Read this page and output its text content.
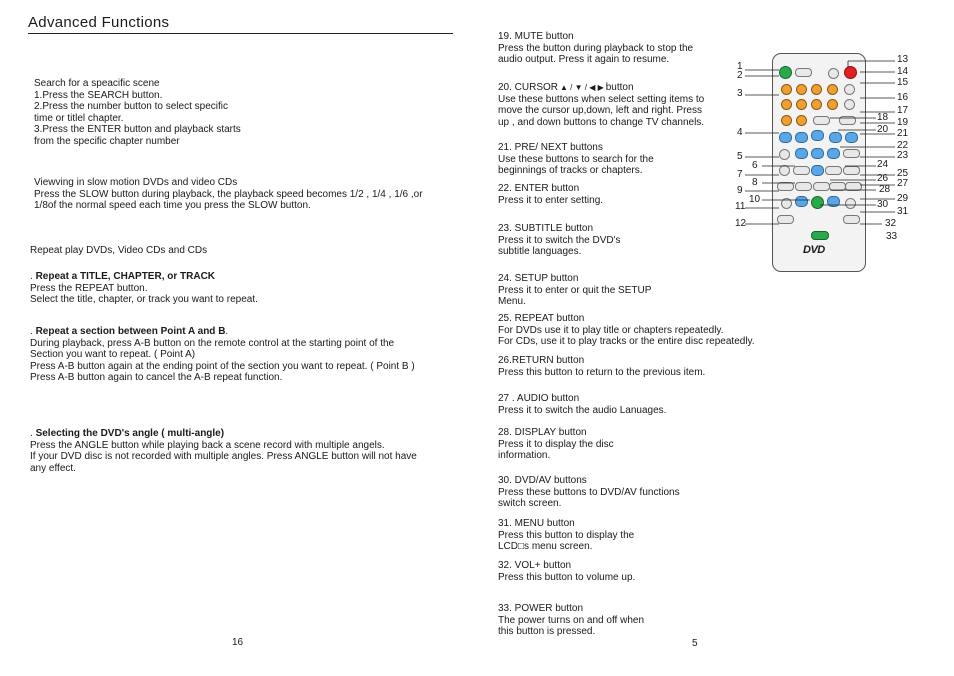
Advanced Functions
Search for a speacific scene
1.Press the SEARCH button.
2.Press the number button to select specific
time or titlel chapter.
3.Press the ENTER button and playback starts
from the specific chapter number
Viewving in slow motion DVDs and video CDs
Press the SLOW button during playback, the playback speed becomes 1/2 , 1/4 , 1/6 ,or
1/8of the normal speed each time you press the SLOW button.
Repeat play DVDs, Video CDs and CDs
. Repeat a TITLE, CHAPTER, or TRACK
Press the REPEAT button.
Select the title, chapter, or track you want to repeat.
. Repeat a section between Point A and B.
During playback, press A-B button on the remote control at the starting point of the
Section you want to repeat. ( Point A)
Press A-B button again at the ending point of the section you want to repeat. ( Point B )
Press A-B button again to cancel the A-B repeat function.
. Selecting the DVD's angle ( multi-angle)
Press the ANGLE button while playing back a scene record with multiple angels.
If your DVD disc is not recorded with multiple angles. Press ANGLE button will not have
any effect.
16
19. MUTE button
Press the button during playback to stop the
audio output. Press it again to resume.
20. CURSOR ▲ / ▼ / ◀ ▶ button
Use these buttons when select setting items to
move the cursor up,down, left and right. Press
up , and down buttons to change TV channels.
21. PRE/ NEXT buttons
Use these buttons to search for the
beginnings of tracks or chapters.
22. ENTER button
Press it to enter setting.
23. SUBTITLE button
Press it to switch the DVD's
subtitle languages.
24. SETUP button
Press it to enter or quit the SETUP
Menu.
25. REPEAT button
For DVDs use it to play title or chapters repeatedly.
For CDs, use it to play tracks or the entire disc repeatedly.
26.RETURN button
Press this button to return to the previous item.
27 . AUDIO button
Press it to switch the audio Lanuages.
28. DISPLAY button
Press it to display the disc
information.
30. DVD/AV buttons
Press these buttons to DVD/AV functions
switch screen.
31. MENU button
Press this button to display the
LCD□s menu screen.
32. VOL+ button
Press this button to volume up.
33. POWER button
The power turns on and off when
this button is pressed.
5
DVD
1
2
3
4
5
6
7
8
9
10
11
12
13
14
15
16
17
18 19
20 21
22
23
24
25
26 27
28
29
30
31
32
33
